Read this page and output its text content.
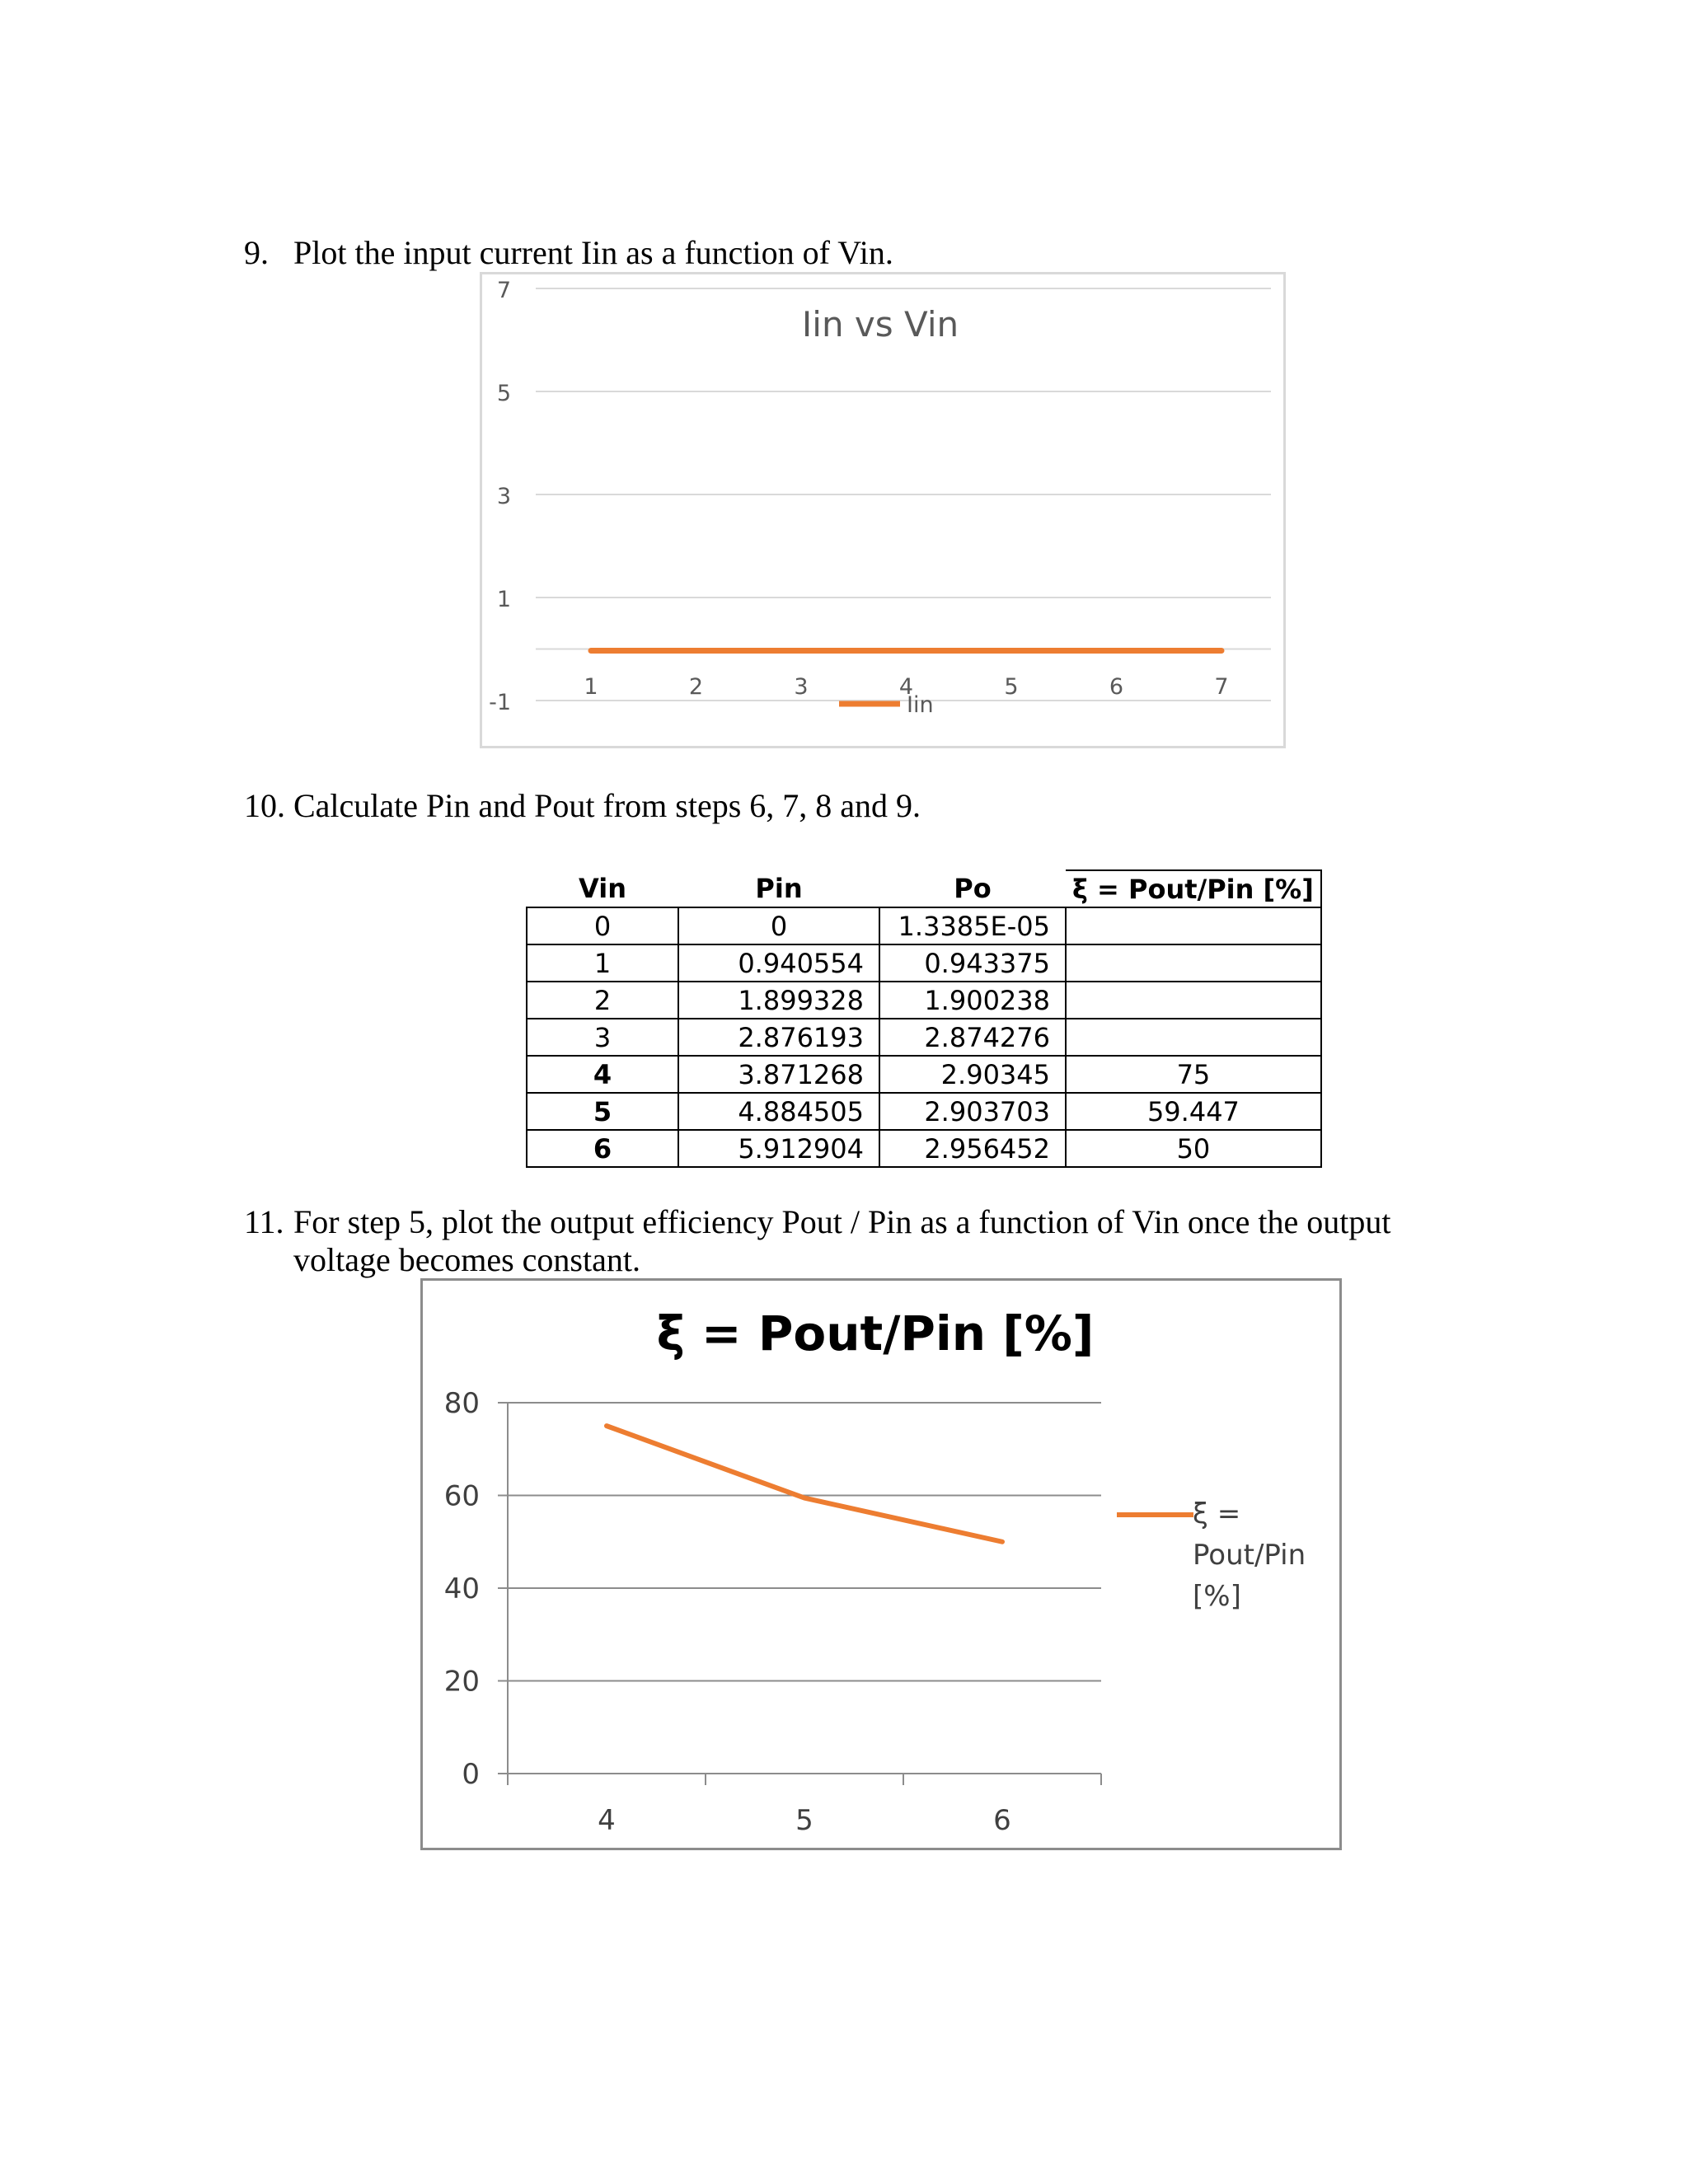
9. Plot the input current Iin as a function of Vin.
-1
1
3
5
7
Iin vs Vin
1	2	3	4	5	6	7
Iin
10. Calculate Pin and Pout from steps 6, 7, 8 and 9.
Vin	Pin	Po	ξ = Pout/Pin [%]
0	0	1.3385E-05	
1	0.940554	0.943375	
2	1.899328	1.900238	
3	2.876193	2.874276	
4	3.871268	2.90345	75
5	4.884505	2.903703	59.447
6	5.912904	2.956452	50
11. For step 5, plot the output efficiency Pout / Pin as a function of Vin once the output
voltage becomes constant.
0
20
40
60
80
4	5	6
ξ = Pout/Pin [%]
ξ =
Pout/Pin
[%]
